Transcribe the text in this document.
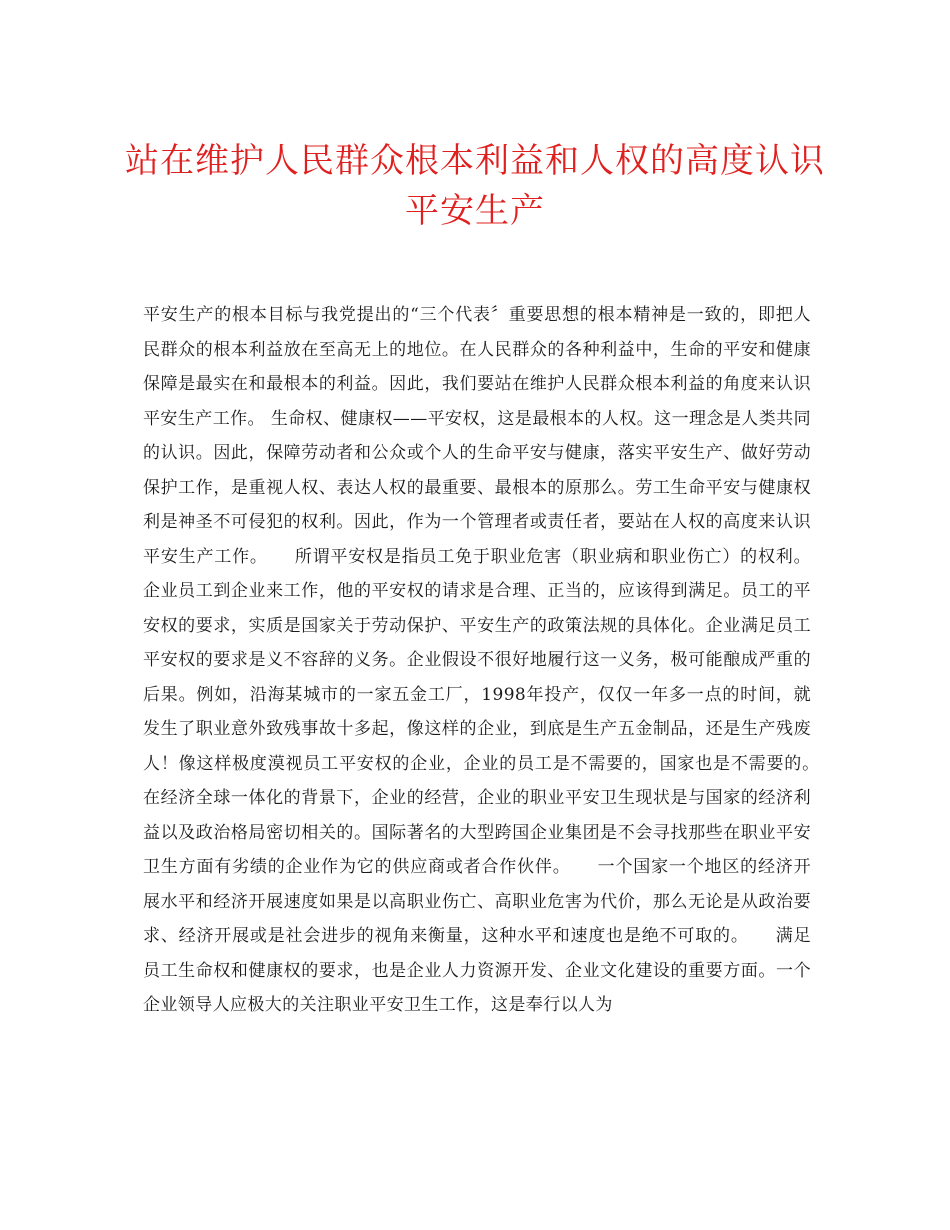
站在维护人民群众根本利益和人权的高度认识平安生产

平安生产的根本目标与我党提出的“三个代表〞重要思想的根本精神是一致的，即把人民群众的根本利益放在至高无上的地位。在人民群众的各种利益中，生命的平安和健康保障是最实在和最根本的利益。因此，我们要站在维护人民群众根本利益的角度来认识平安生产工作。 生命权、健康权——平安权，这是最根本的人权。这一理念是人类共同的认识。因此，保障劳动者和公众或个人的生命平安与健康，落实平安生产、做好劳动保护工作，是重视人权、表达人权的最重要、最根本的原那么。劳工生命平安与健康权利是神圣不可侵犯的权利。因此，作为一个管理者或责任者，要站在人权的高度来认识平安生产工作。　　所谓平安权是指员工免于职业危害（职业病和职业伤亡）的权利。企业员工到企业来工作，他的平安权的请求是合理、正当的，应该得到满足。员工的平安权的要求，实质是国家关于劳动保护、平安生产的政策法规的具体化。企业满足员工平安权的要求是义不容辞的义务。企业假设不很好地履行这一义务，极可能酿成严重的后果。例如，沿海某城市的一家五金工厂，1998年投产，仅仅一年多一点的时间，就发生了职业意外致残事故十多起，像这样的企业，到底是生产五金制品，还是生产残废人！像这样极度漠视员工平安权的企业，企业的员工是不需要的，国家也是不需要的。　　在经济全球一体化的背景下，企业的经营，企业的职业平安卫生现状是与国家的经济利益以及政治格局密切相关的。国际著名的大型跨国企业集团是不会寻找那些在职业平安卫生方面有劣绩的企业作为它的供应商或者合作伙伴。　　一个国家一个地区的经济开展水平和经济开展速度如果是以高职业伤亡、高职业危害为代价，那么无论是从政治要求、经济开展或是社会进步的视角来衡量，这种水平和速度也是绝不可取的。　　满足员工生命权和健康权的要求，也是企业人力资源开发、企业文化建设的重要方面。一个企业领导人应极大的关注职业平安卫生工作，这是奉行以人为
